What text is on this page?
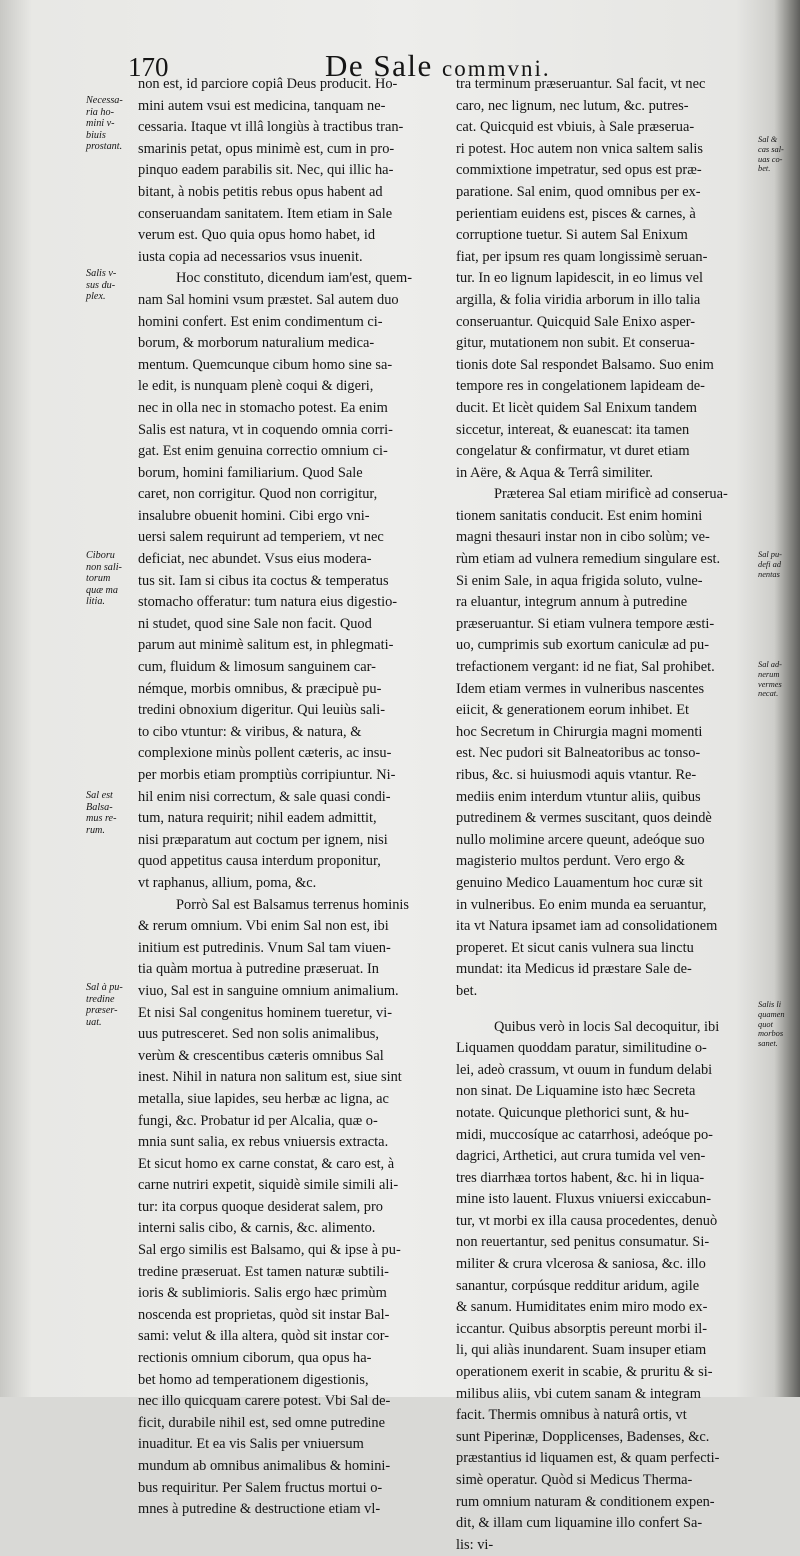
170	De Sale commvni.
Necessa-
ria ho-
mini v-
biuis
prostant.
Salis v-
sus du-
plex.
Ciboru
non sali-
torum
quæ ma
litia.
Sal est
Balsa-
mus re-
rum.
Sal à pu-
tredine
præser-
uat.
Sal &
cas sal-
uas co-
bet.
Sal pu-
defi ad
nentas
Sal ad-
nerum
vermes
necat.
Salis li
quamen
quot
morbos
sanet.
non est, id parciore copiâ Deus producit. Ho-
mini autem vsui est medicina, tanquam ne-
cessaria. Itaque vt illâ longiùs à tractibus tran-
smarinis petat, opus minimè est, cum in pro-
pinquo eadem parabilis sit. Nec, qui illic ha-
bitant, à nobis petitis rebus opus habent ad
conseruandam sanitatem. Item etiam in Sale
verum est. Quo quia opus homo habet, id
iusta copia ad necessarios vsus inuenit.
Hoc constituto, dicendum iam'est, quem-
nam Sal homini vsum præstet. Sal autem duo
homini confert. Est enim condimentum ci-
borum, & morborum naturalium medica-
mentum. Quemcunque cibum homo sine sa-
le edit, is nunquam plenè coqui & digeri,
nec in olla nec in stomacho potest. Ea enim
Salis est natura, vt in coquendo omnia corri-
gat. Est enim genuina correctio omnium ci-
borum, homini familiarium. Quod Sale
caret, non corrigitur. Quod non corrigitur,
insalubre obuenit homini. Cibi ergo vni-
uersi salem requirunt ad temperiem, vt nec
deficiat, nec abundet. Vsus eius modera-
tus sit. Iam si cibus ita coctus & temperatus
stomacho offeratur: tum natura eius digestio-
ni studet, quod sine Sale non facit. Quod
parum aut minimè salitum est, in phlegmati-
cum, fluidum & limosum sanguinem car-
némque, morbis omnibus, & præcipuè pu-
tredini obnoxium digeritur. Qui leuiùs sali-
to cibo vtuntur: & viribus, & natura, &
complexione minùs pollent cæteris, ac insu-
per morbis etiam promptiùs corripiuntur. Ni-
hil enim nisi correctum, & sale quasi condi-
tum, natura requirit; nihil eadem admittit,
nisi præparatum aut coctum per ignem, nisi
quod appetitus causa interdum proponitur,
vt raphanus, allium, poma, &c.
Porrò Sal est Balsamus terrenus hominis
& rerum omnium. Vbi enim Sal non est, ibi
initium est putredinis. Vnum Sal tam viuen-
tia quàm mortua à putredine præseruat. In
viuo, Sal est in sanguine omnium animalium.
Et nisi Sal congenitus hominem tueretur, vi-
uus putresceret. Sed non solis animalibus,
verùm & crescentibus cæteris omnibus Sal
inest. Nihil in natura non salitum est, siue sint
metalla, siue lapides, seu herbæ ac ligna, ac
fungi, &c. Probatur id per Alcalia, quæ o-
mnia sunt salia, ex rebus vniuersis extracta.
Et sicut homo ex carne constat, & caro est, à
carne nutriri expetit, siquidè simile simili ali-
tur: ita corpus quoque desiderat salem, pro
interni salis cibo, & carnis, &c. alimento.
Sal ergo similis est Balsamo, qui & ipse à pu-
tredine præseruat. Est tamen naturæ subtili-
ioris & sublimioris. Salis ergo hæc primùm
noscenda est proprietas, quòd sit instar Bal-
sami: velut & illa altera, quòd sit instar cor-
rectionis omnium ciborum, qua opus ha-
bet homo ad temperationem digestionis,
nec illo quicquam carere potest. Vbi Sal de-
ficit, durabile nihil est, sed omne putredine
inuaditur. Et ea vis Salis per vniuersum
mundum ab omnibus animalibus & homini-
bus requiritur. Per Salem fructus mortui o-
mnes à putredine & destructione etiam vl-
tra terminum præseruantur. Sal facit, vt nec
caro, nec lignum, nec lutum, &c. putres-
cat. Quicquid est vbiuis, à Sale præserua-
ri potest. Hoc autem non vnica saltem salis
commixtione impetratur, sed opus est præ-
paratione. Sal enim, quod omnibus per ex-
perientiam euidens est, pisces & carnes, à
corruptione tuetur. Si autem Sal Enixum
fiat, per ipsum res quam longissimè seruan-
tur. In eo lignum lapidescit, in eo limus vel
argilla, & folia viridia arborum in illo talia
conseruantur. Quicquid Sale Enixo asper-
gitur, mutationem non subit. Et conserua-
tionis dote Sal respondet Balsamo. Suo enim
tempore res in congelationem lapideam de-
ducit. Et licèt quidem Sal Enixum tandem
siccetur, intereat, & euanescat: ita tamen
congelatur & confirmatur, vt duret etiam
in Aëre, & Aqua & Terrâ similiter.
Præterea Sal etiam mirificè ad conserua-
tionem sanitatis conducit. Est enim homini
magni thesauri instar non in cibo solùm; ve-
rùm etiam ad vulnera remedium singulare est.
Si enim Sale, in aqua frigida soluto, vulne-
ra eluantur, integrum annum à putredine
præseruantur. Si etiam vulnera tempore æsti-
uo, cumprimis sub exortum caniculæ ad pu-
trefactionem vergant: id ne fiat, Sal prohibet.
Idem etiam vermes in vulneribus nascentes
eiicit, & generationem eorum inhibet. Et
hoc Secretum in Chirurgia magni momenti
est. Nec pudori sit Balneatoribus ac tonso-
ribus, &c. si huiusmodi aquis vtantur. Re-
mediis enim interdum vtuntur aliis, quibus
putredinem & vermes suscitant, quos deindè
nullo molimine arcere queunt, adeóque suo
magisterio multos perdunt. Vero ergo &
genuino Medico Lauamentum hoc curæ sit
in vulneribus. Eo enim munda ea seruantur,
ita vt Natura ipsamet iam ad consolidationem
properet. Et sicut canis vulnera sua linctu
mundat: ita Medicus id præstare Sale de-
bet.
Quibus verò in locis Sal decoquitur, ibi
Liquamen quoddam paratur, similitudine o-
lei, adeò crassum, vt ouum in fundum delabi
non sinat. De Liquamine isto hæc Secreta
notate. Quicunque plethorici sunt, & hu-
midi, muccosíque ac catarrhosi, adeóque po-
dagrici, Arthetici, aut crura tumida vel ven-
tres diarrhæa tortos habent, &c. hi in liqua-
mine isto lauent. Fluxus vniuersi exiccabun-
tur, vt morbi ex illa causa procedentes, denuò
non reuertantur, sed penitus consumatur. Si-
militer & crura vlcerosa & saniosa, &c. illo
sanantur, corpúsque redditur aridum, agile
& sanum. Humiditates enim miro modo ex-
iccantur. Quibus absorptis pereunt morbi il-
li, qui aliàs inundarent. Suam insuper etiam
operationem exerit in scabie, & pruritu & si-
milibus aliis, vbi cutem sanam & integram
facit. Thermis omnibus à naturâ ortis, vt
sunt Piperinæ, Dopplicenses, Badenses, &c.
præstantius id liquamen est, & quam perfecti-
simè operatur. Quòd si Medicus Therma-
rum omnium naturam & conditionem expen-
dit, & illam cum liquamine illo confert Sa-
lis: vi-
